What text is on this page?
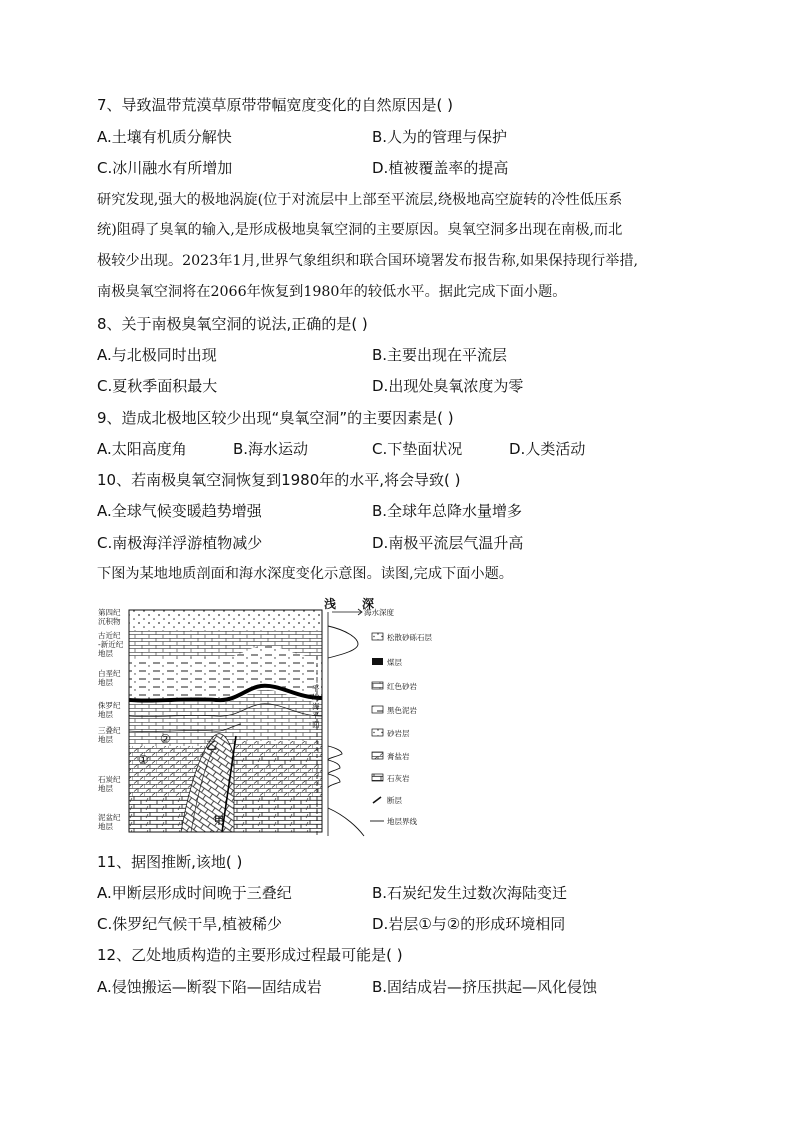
7、导致温带荒漠草原带带幅宽度变化的自然原因是( )
A.土壤有机质分解快	B.人为的管理与保护
C.冰川融水有所增加	D.植被覆盖率的提高
研究发现,强大的极地涡旋(位于对流层中上部至平流层,绕极地高空旋转的冷性低压系
统)阻碍了臭氧的输入,是形成极地臭氧空洞的主要原因。臭氧空洞多出现在南极,而北
极较少出现。2023年1月,世界气象组织和联合国环境署发布报告称,如果保持现行举措,
南极臭氧空洞将在2066年恢复到1980年的较低水平。据此完成下面小题。
8、关于南极臭氧空洞的说法,正确的是( )
A.与北极同时出现	B.主要出现在平流层
C.夏秋季面积最大	D.出现处臭氧浓度为零
9、造成北极地区较少出现“臭氧空洞”的主要因素是( )
A.太阳高度角	B.海水运动	C.下垫面状况	D.人类活动
10、若南极臭氧空洞恢复到1980年的水平,将会导致( )
A.全球气候变暖趋势增强	B.全球年总降水量增多
C.南极海洋浮游植物减少	D.南极平流层气温升高
下图为某地地质剖面和海水深度变化示意图。读图,完成下面小题。
第四纪
沉积物
古近纪
-新近纪
地层
白垩纪
地层
侏罗纪
地层
三叠纪
地层
石炭纪
地层
泥盆纪
地层
①
②	乙
甲
浅 深
海水深度
平
均
海
平
面
松散砂砾石层
煤层
红色砂岩
黑色泥岩
砂岩层
膏盐岩
石灰岩
断层
地层界线
11、据图推断,该地( )
A.甲断层形成时间晚于三叠纪	B.石炭纪发生过数次海陆变迁
C.侏罗纪气候干旱,植被稀少	D.岩层①与②的形成环境相同
12、乙处地质构造的主要形成过程最可能是( )
A.侵蚀搬运—断裂下陷—固结成岩	B.固结成岩—挤压拱起—风化侵蚀
